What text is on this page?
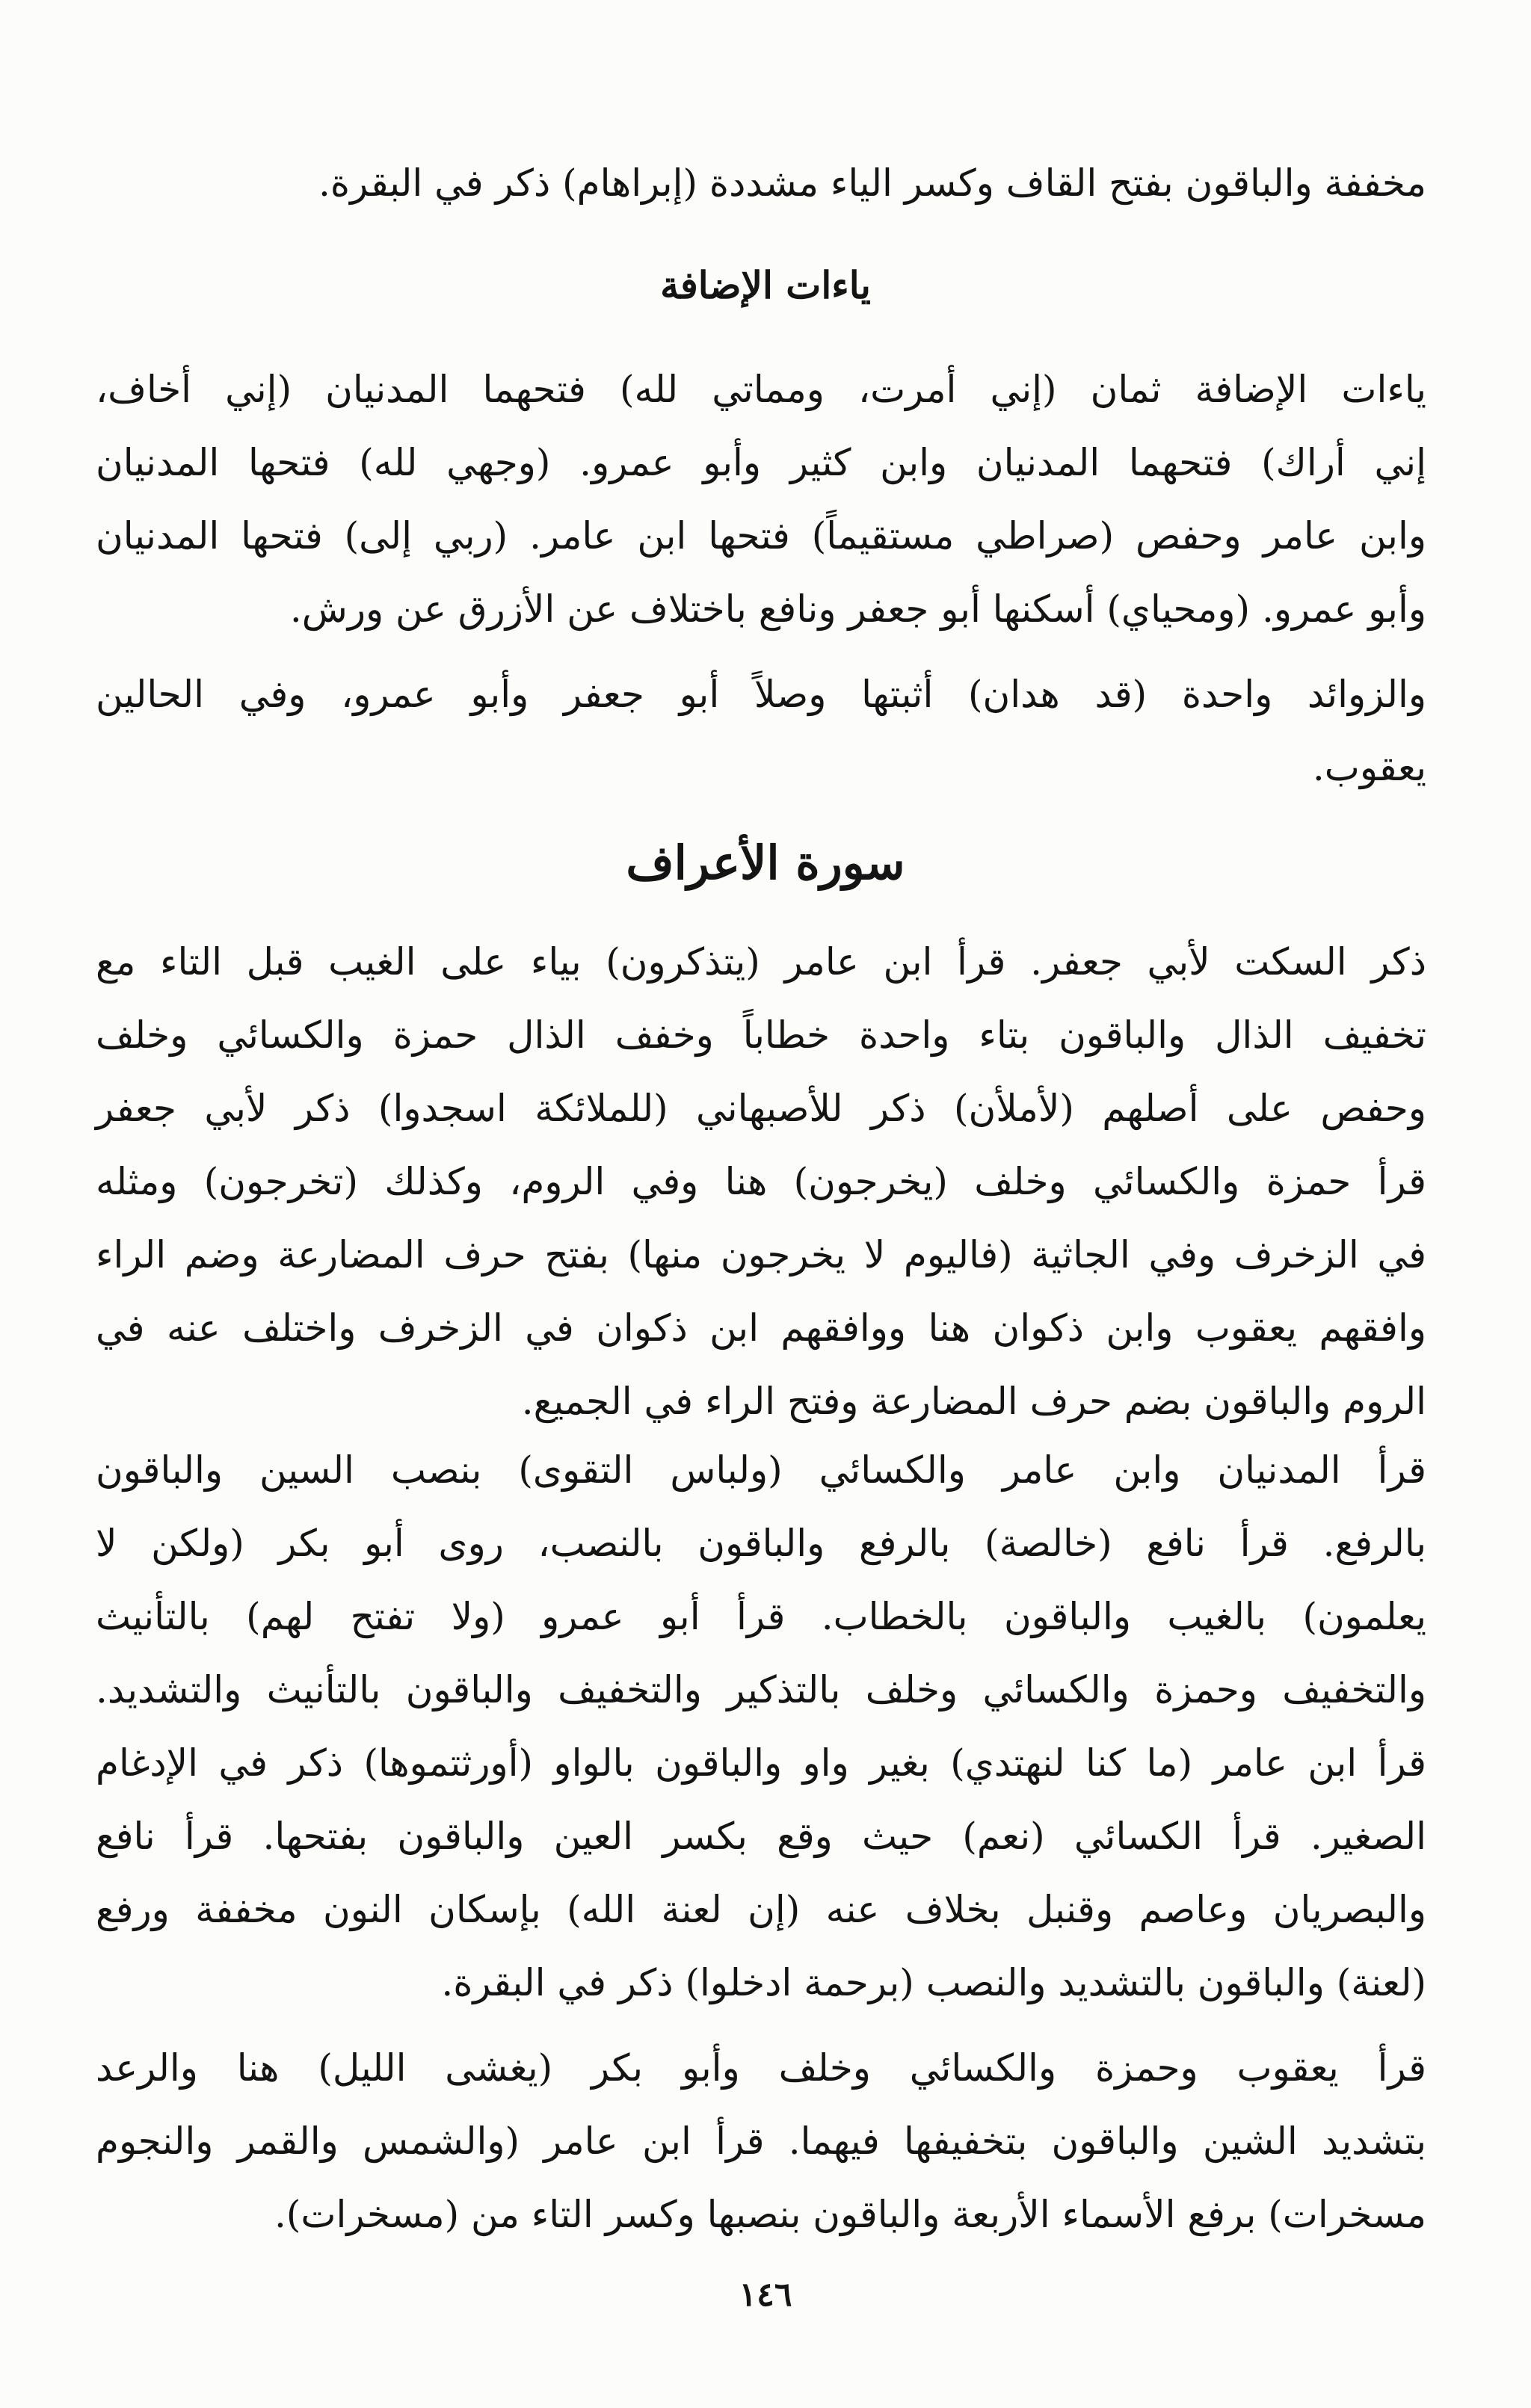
مخففة والباقون بفتح القاف وكسر الياء مشددة (إبراهام) ذكر في البقرة.
ياءات الإضافة
ياءات الإضافة ثمان (إني أمرت، ومماتي لله) فتحهما المدنيان (إني أخاف،
إني أراك) فتحهما المدنيان وابن كثير وأبو عمرو. (وجهي لله) فتحها المدنيان
وابن عامر وحفص (صراطي مستقيماً) فتحها ابن عامر. (ربي إلى) فتحها المدنيان
وأبو عمرو. (ومحياي) أسكنها أبو جعفر ونافع باختلاف عن الأزرق عن ورش.
والزوائد واحدة (قد هدان) أثبتها وصلاً أبو جعفر وأبو عمرو، وفي الحالين
يعقوب.
سورة الأعراف
ذكر السكت لأبي جعفر. قرأ ابن عامر (يتذكرون) بياء على الغيب قبل التاء مع
تخفيف الذال والباقون بتاء واحدة خطاباً وخفف الذال حمزة والكسائي وخلف
وحفص على أصلهم (لأملأن) ذكر للأصبهاني (للملائكة اسجدوا) ذكر لأبي جعفر
قرأ حمزة والكسائي وخلف (يخرجون) هنا وفي الروم، وكذلك (تخرجون) ومثله
في الزخرف وفي الجاثية (فاليوم لا يخرجون منها) بفتح حرف المضارعة وضم الراء
وافقهم يعقوب وابن ذكوان هنا ووافقهم ابن ذكوان في الزخرف واختلف عنه في
الروم والباقون بضم حرف المضارعة وفتح الراء في الجميع.
قرأ المدنيان وابن عامر والكسائي (ولباس التقوى) بنصب السين والباقون
بالرفع. قرأ نافع (خالصة) بالرفع والباقون بالنصب، روى أبو بكر (ولكن لا
يعلمون) بالغيب والباقون بالخطاب. قرأ أبو عمرو (ولا تفتح لهم) بالتأنيث
والتخفيف وحمزة والكسائي وخلف بالتذكير والتخفيف والباقون بالتأنيث والتشديد.
قرأ ابن عامر (ما كنا لنهتدي) بغير واو والباقون بالواو (أورثتموها) ذكر في الإدغام
الصغير. قرأ الكسائي (نعم) حيث وقع بكسر العين والباقون بفتحها. قرأ نافع
والبصريان وعاصم وقنبل بخلاف عنه (إن لعنة الله) بإسكان النون مخففة ورفع
(لعنة) والباقون بالتشديد والنصب (برحمة ادخلوا) ذكر في البقرة.
قرأ يعقوب وحمزة والكسائي وخلف وأبو بكر (يغشى الليل) هنا والرعد
بتشديد الشين والباقون بتخفيفها فيهما. قرأ ابن عامر (والشمس والقمر والنجوم
مسخرات) برفع الأسماء الأربعة والباقون بنصبها وكسر التاء من (مسخرات).
١٤٦
